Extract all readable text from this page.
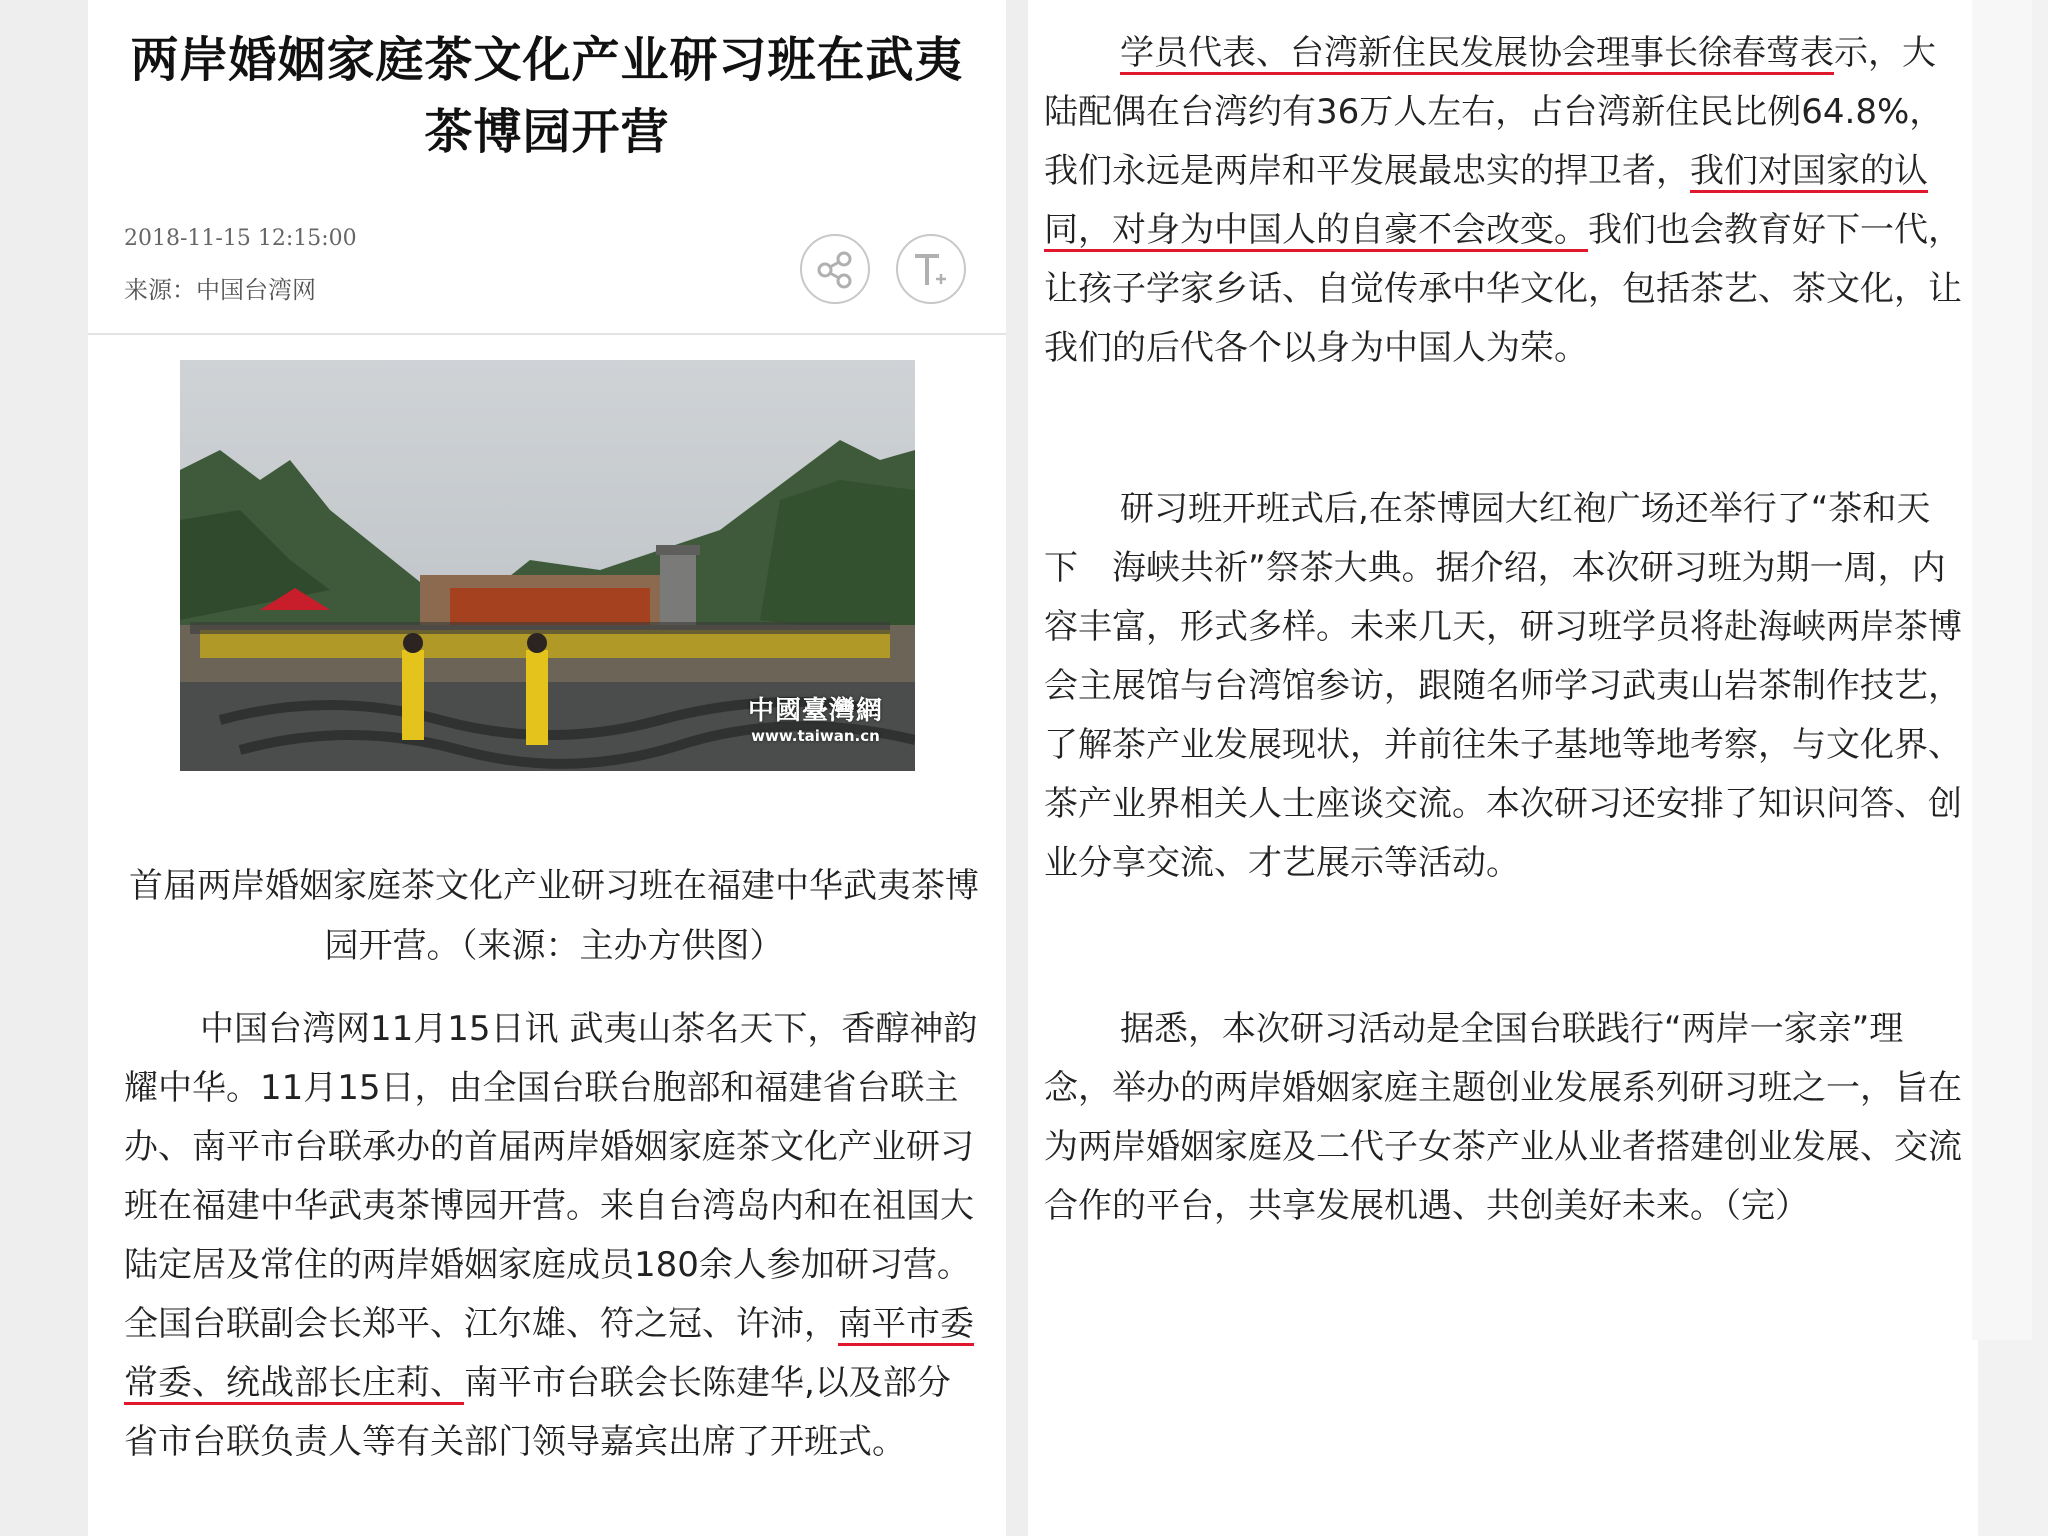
两岸婚姻家庭茶文化产业研习班在武夷茶博园开营
2018-11-15 12:15:00
来源：中国台湾网
中國臺灣網
www.taiwan.cn
首届两岸婚姻家庭茶文化产业研习班在福建中华武夷茶博园开营。（来源：主办方供图）
中国台湾网11月15日讯 武夷山茶名天下，香醇神韵耀中华。11月15日，由全国台联台胞部和福建省台联主办、南平市台联承办的首届两岸婚姻家庭茶文化产业研习班在福建中华武夷茶博园开营。来自台湾岛内和在祖国大陆定居及常住的两岸婚姻家庭成员180余人参加研习营。全国台联副会长郑平、江尔雄、符之冠、许沛，南平市委常委、统战部长庄莉、南平市台联会长陈建华,以及部分省市台联负责人等有关部门领导嘉宾出席了开班式。
学员代表、台湾新住民发展协会理事长徐春莺表示，大陆配偶在台湾约有36万人左右，占台湾新住民比例64.8%，我们永远是两岸和平发展最忠实的捍卫者，我们对国家的认同，对身为中国人的自豪不会改变。我们也会教育好下一代，让孩子学家乡话、自觉传承中华文化，包括茶艺、茶文化，让我们的后代各个以身为中国人为荣。
研习班开班式后,在茶博园大红袍广场还举行了“茶和天下　海峡共祈”祭茶大典。据介绍，本次研习班为期一周，内容丰富，形式多样。未来几天，研习班学员将赴海峡两岸茶博会主展馆与台湾馆参访，跟随名师学习武夷山岩茶制作技艺，了解茶产业发展现状，并前往朱子基地等地考察，与文化界、茶产业界相关人士座谈交流。本次研习还安排了知识问答、创业分享交流、才艺展示等活动。
据悉，本次研习活动是全国台联践行“两岸一家亲”理念，举办的两岸婚姻家庭主题创业发展系列研习班之一，旨在为两岸婚姻家庭及二代子女茶产业从业者搭建创业发展、交流合作的平台，共享发展机遇、共创美好未来。（完）
